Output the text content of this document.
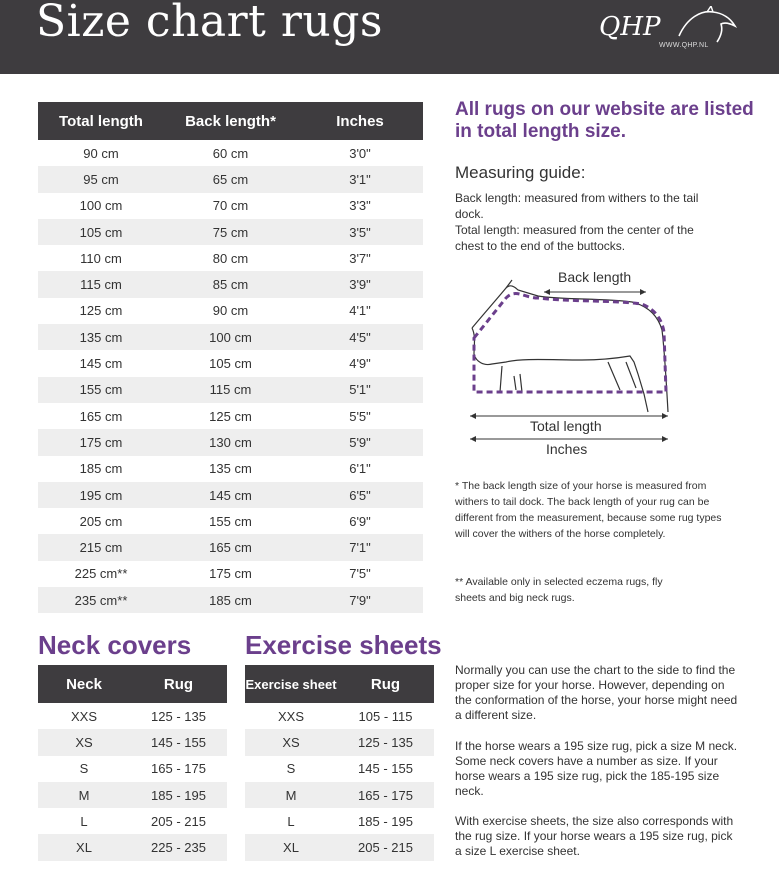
Size chart rugs	QHP
WWW.QHP.NL
Total length	Back length*	Inches
90 cm	60 cm	3'0"
95 cm	65 cm	3'1"
100 cm	70 cm	3'3"
105 cm	75 cm	3'5"
110 cm	80 cm	3'7"
115 cm	85 cm	3'9"
125 cm	90 cm	4'1"
135 cm	100 cm	4'5"
145 cm	105 cm	4'9"
155 cm	115 cm	5'1"
165 cm	125 cm	5'5"
175 cm	130 cm	5'9"
185 cm	135 cm	6'1"
195 cm	145 cm	6'5"
205 cm	155 cm	6'9"
215 cm	165 cm	7'1"
225 cm**	175 cm	7'5"
235 cm**	185 cm	7'9"
All rugs on our website are listed in total length size.
Measuring guide:
Back length: measured from withers to the tail dock.
Total length: measured from the center of the chest to the end of the buttocks.
Back length
Total length
Inches
* The back length size of your horse is measured from withers to tail dock. The back length of your rug can be different from the measurement, because some rug types will cover the withers of the horse completely.
** Available only in selected eczema rugs, fly sheets and big neck rugs.
Neck covers
Neck	Rug
XXS	125 - 135
XS	145 - 155
S	165 - 175
M	185 - 195
L	205 - 215
XL	225 - 235
Exercise sheets
Exercise sheet	Rug
XXS	105 - 115
XS	125 - 135
S	145 - 155
M	165 - 175
L	185 - 195
XL	205 - 215
Normally you can use the chart to the side to find the proper size for your horse. However, depending on the conformation of the horse, your horse might need a different size.
If the horse wears a 195 size rug, pick a size M neck. Some neck covers have a number as size. If your horse wears a 195 size rug, pick the 185-195 size neck.
With exercise sheets, the size also corresponds with the rug size. If your horse wears a 195 size rug, pick a size L exercise sheet.
